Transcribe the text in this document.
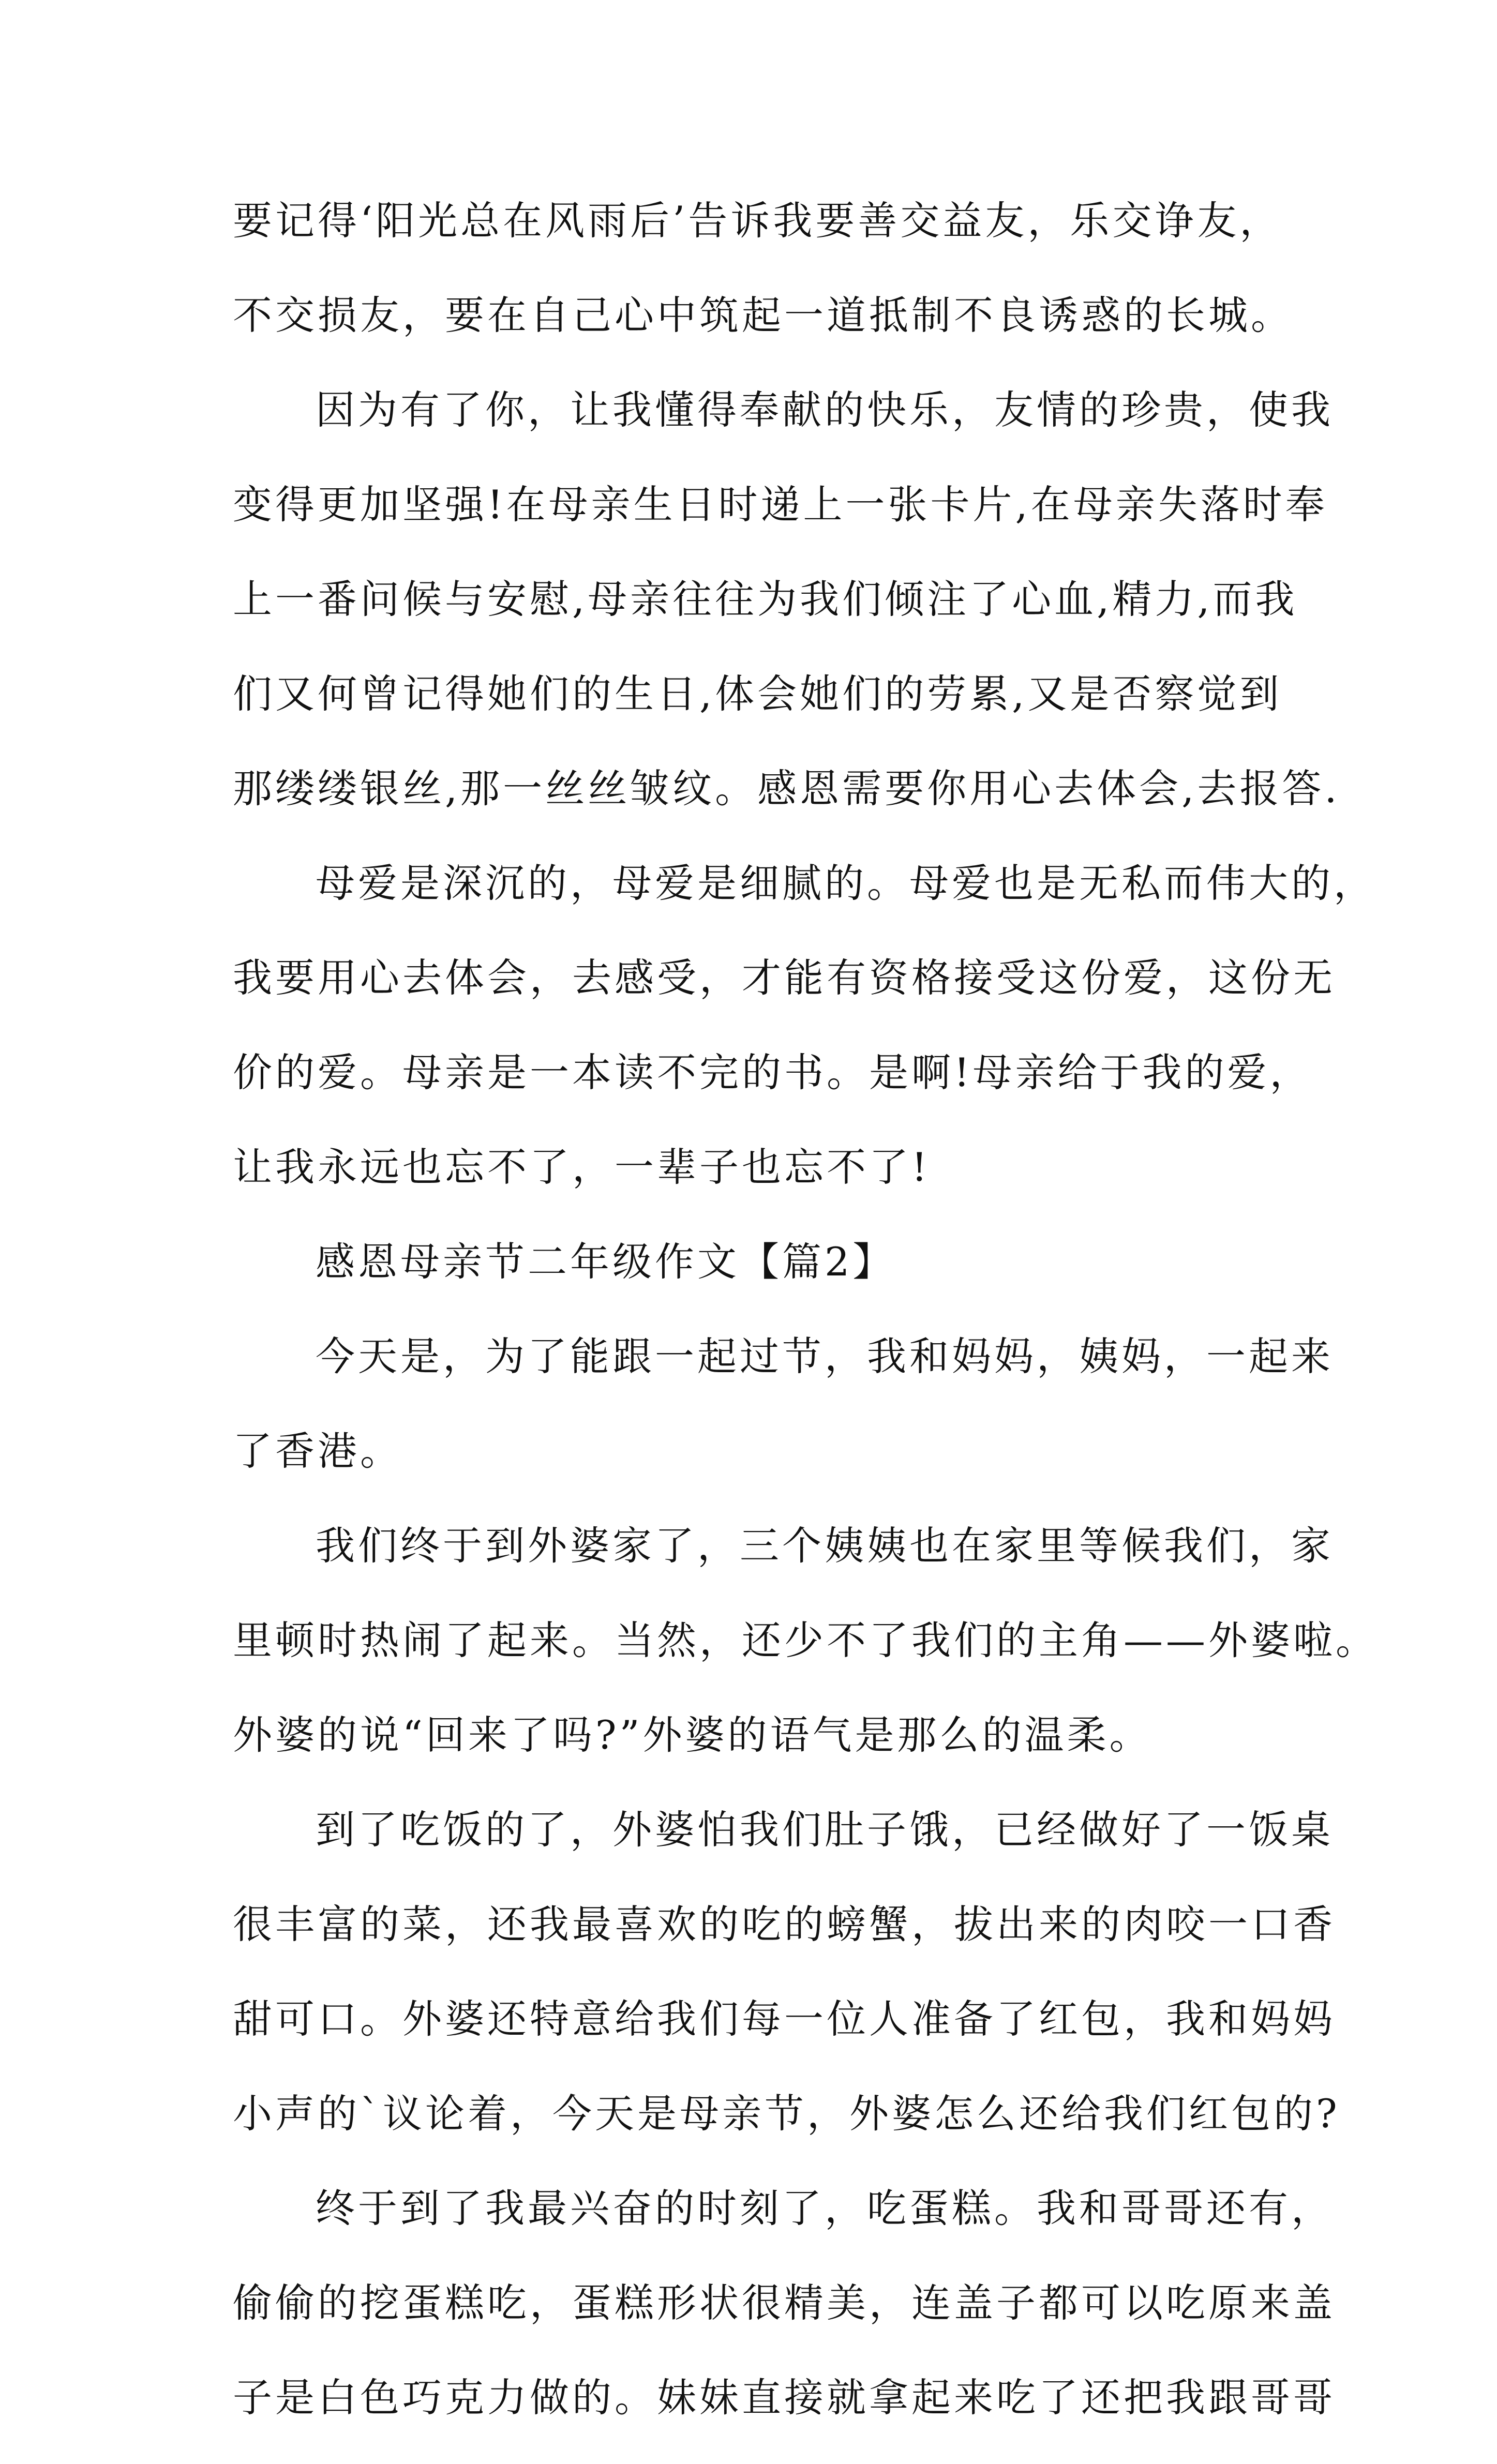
要记得‘阳光总在风雨后’告诉我要善交益友，乐交诤友，
不交损友，要在自己心中筑起一道抵制不良诱惑的长城。
因为有了你，让我懂得奉献的快乐，友情的珍贵，使我
变得更加坚强!在母亲生日时递上一张卡片,在母亲失落时奉
上一番问候与安慰,母亲往往为我们倾注了心血,精力,而我
们又何曾记得她们的生日,体会她们的劳累,又是否察觉到
那缕缕银丝,那一丝丝皱纹。感恩需要你用心去体会,去报答.
母爱是深沉的，母爱是细腻的。母爱也是无私而伟大的，
我要用心去体会，去感受，才能有资格接受这份爱，这份无
价的爱。母亲是一本读不完的书。是啊!母亲给于我的爱，
让我永远也忘不了，一辈子也忘不了!
感恩母亲节二年级作文【篇2】
今天是，为了能跟一起过节，我和妈妈，姨妈，一起来
了香港。
我们终于到外婆家了，三个姨姨也在家里等候我们，家
里顿时热闹了起来。当然，还少不了我们的主角——外婆啦。
外婆的说“回来了吗?”外婆的语气是那么的温柔。
到了吃饭的了，外婆怕我们肚子饿，已经做好了一饭桌
很丰富的菜，还我最喜欢的吃的螃蟹，拔出来的肉咬一口香
甜可口。外婆还特意给我们每一位人准备了红包，我和妈妈
小声的`议论着，今天是母亲节，外婆怎么还给我们红包的?
终于到了我最兴奋的时刻了，吃蛋糕。我和哥哥还有，
偷偷的挖蛋糕吃，蛋糕形状很精美，连盖子都可以吃原来盖
子是白色巧克力做的。妹妹直接就拿起来吃了还把我跟哥哥
